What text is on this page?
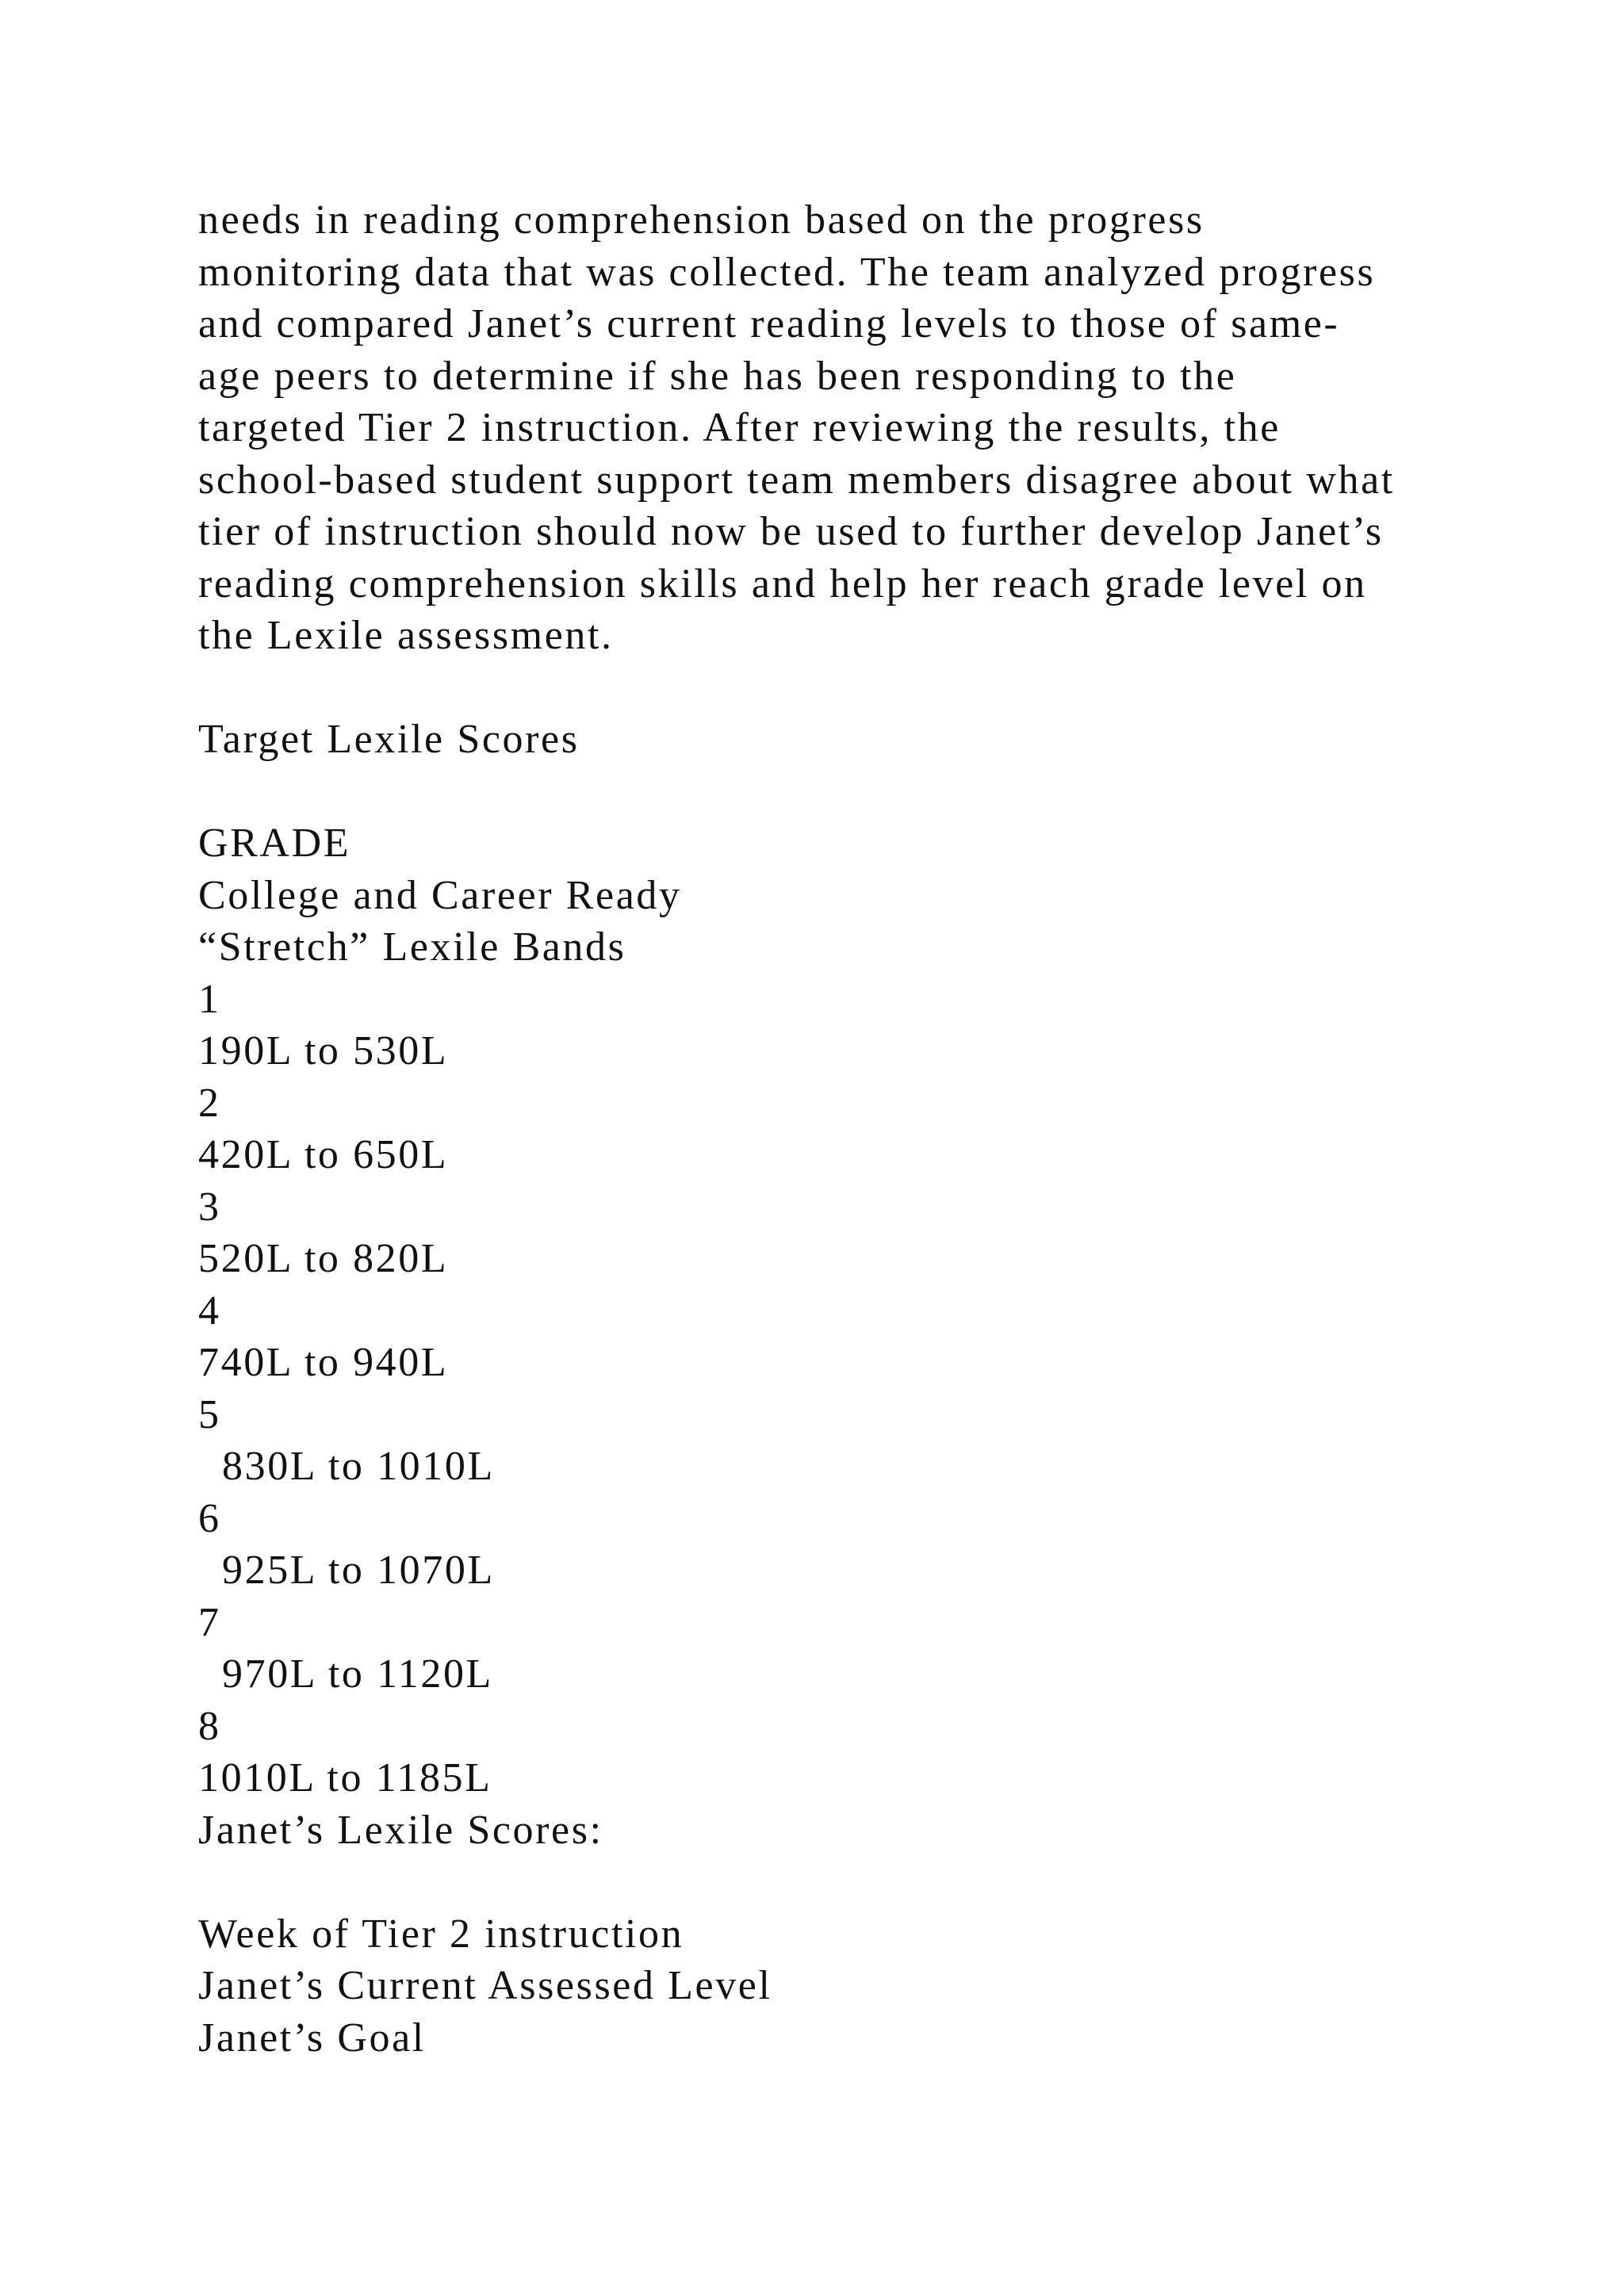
needs in reading comprehension based on the progress
monitoring data that was collected. The team analyzed progress
and compared Janet’s current reading levels to those of same-
age peers to determine if she has been responding to the
targeted Tier 2 instruction. After reviewing the results, the
school-based student support team members disagree about what
tier of instruction should now be used to further develop Janet’s
reading comprehension skills and help her reach grade level on
the Lexile assessment.
Target Lexile Scores
GRADE
College and Career Ready
“Stretch” Lexile Bands
1
190L to 530L
2
420L to 650L
3
520L to 820L
4
740L to 940L
5
830L to 1010L
6
925L to 1070L
7
970L to 1120L
8
1010L to 1185L
Janet’s Lexile Scores:
Week of Tier 2 instruction
Janet’s Current Assessed Level
Janet’s Goal
